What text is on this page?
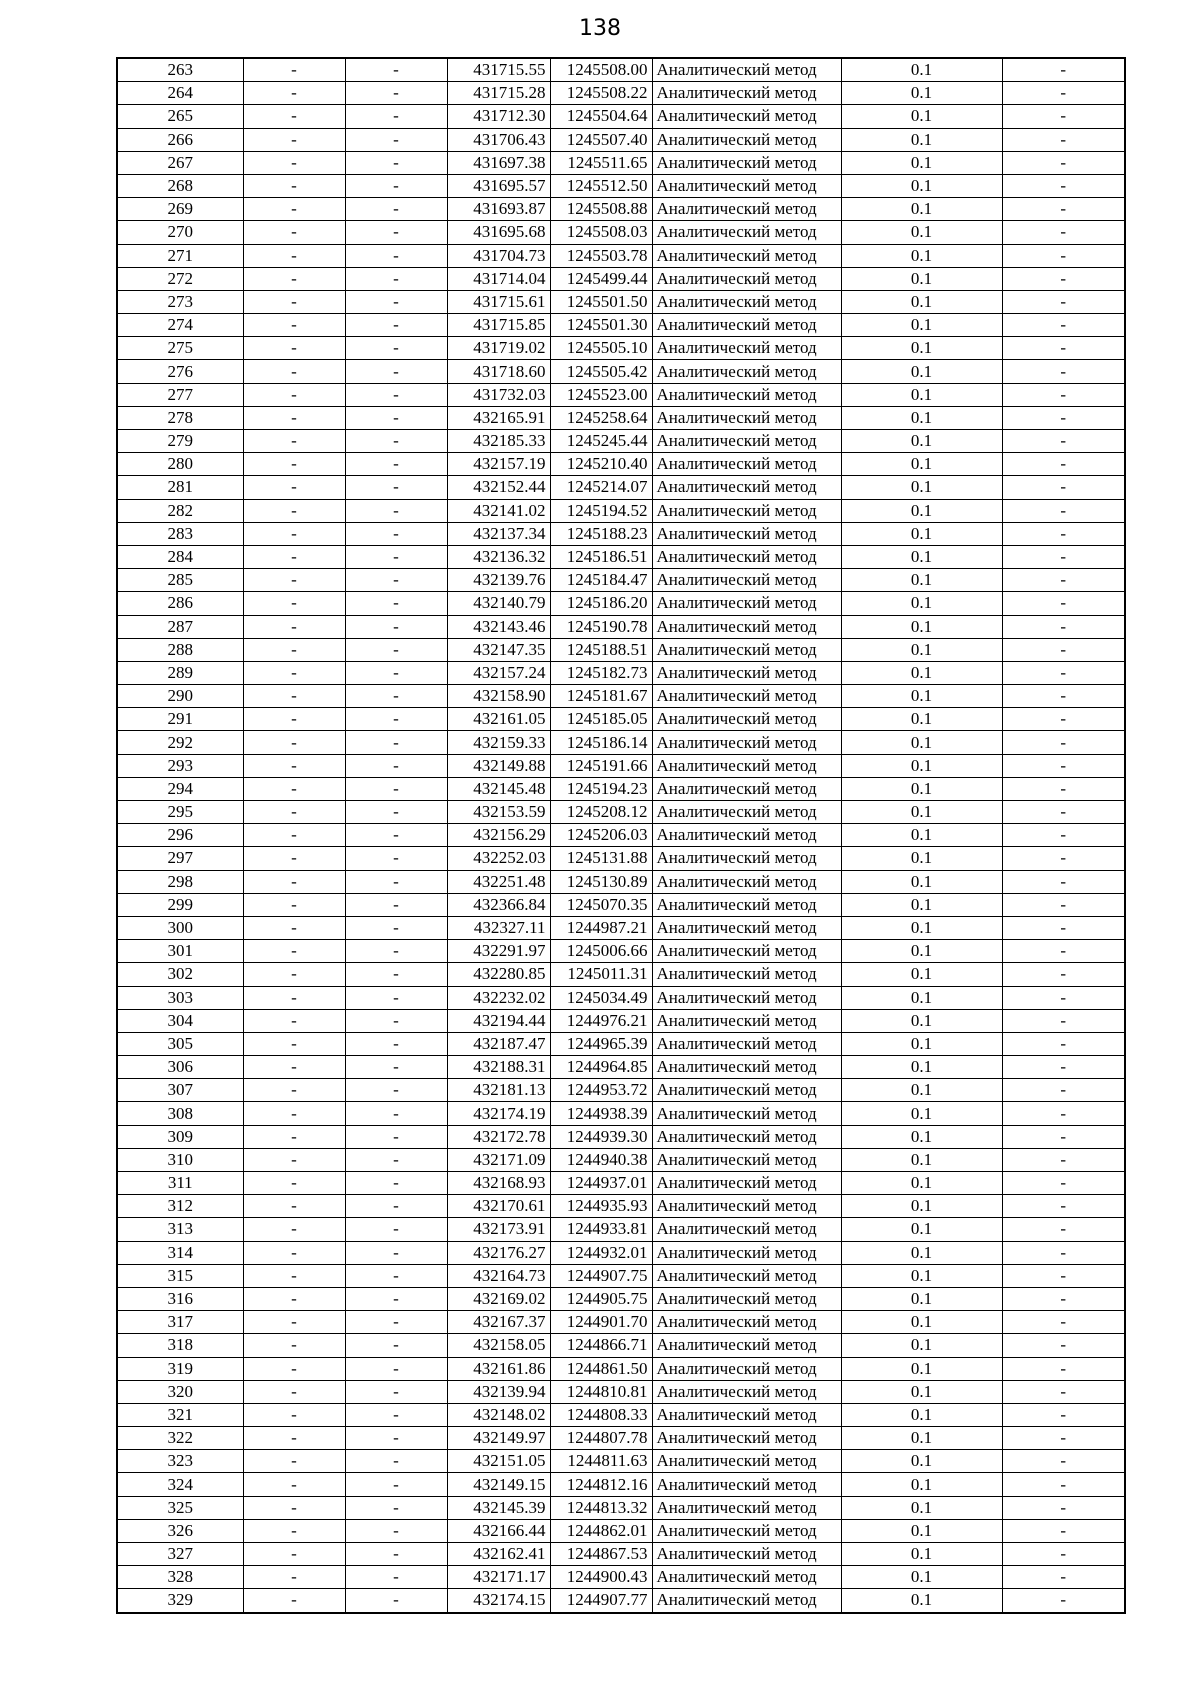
138
263	-	-	431715.55	1245508.00	Аналитический метод	0.1	-
264	-	-	431715.28	1245508.22	Аналитический метод	0.1	-
265	-	-	431712.30	1245504.64	Аналитический метод	0.1	-
266	-	-	431706.43	1245507.40	Аналитический метод	0.1	-
267	-	-	431697.38	1245511.65	Аналитический метод	0.1	-
268	-	-	431695.57	1245512.50	Аналитический метод	0.1	-
269	-	-	431693.87	1245508.88	Аналитический метод	0.1	-
270	-	-	431695.68	1245508.03	Аналитический метод	0.1	-
271	-	-	431704.73	1245503.78	Аналитический метод	0.1	-
272	-	-	431714.04	1245499.44	Аналитический метод	0.1	-
273	-	-	431715.61	1245501.50	Аналитический метод	0.1	-
274	-	-	431715.85	1245501.30	Аналитический метод	0.1	-
275	-	-	431719.02	1245505.10	Аналитический метод	0.1	-
276	-	-	431718.60	1245505.42	Аналитический метод	0.1	-
277	-	-	431732.03	1245523.00	Аналитический метод	0.1	-
278	-	-	432165.91	1245258.64	Аналитический метод	0.1	-
279	-	-	432185.33	1245245.44	Аналитический метод	0.1	-
280	-	-	432157.19	1245210.40	Аналитический метод	0.1	-
281	-	-	432152.44	1245214.07	Аналитический метод	0.1	-
282	-	-	432141.02	1245194.52	Аналитический метод	0.1	-
283	-	-	432137.34	1245188.23	Аналитический метод	0.1	-
284	-	-	432136.32	1245186.51	Аналитический метод	0.1	-
285	-	-	432139.76	1245184.47	Аналитический метод	0.1	-
286	-	-	432140.79	1245186.20	Аналитический метод	0.1	-
287	-	-	432143.46	1245190.78	Аналитический метод	0.1	-
288	-	-	432147.35	1245188.51	Аналитический метод	0.1	-
289	-	-	432157.24	1245182.73	Аналитический метод	0.1	-
290	-	-	432158.90	1245181.67	Аналитический метод	0.1	-
291	-	-	432161.05	1245185.05	Аналитический метод	0.1	-
292	-	-	432159.33	1245186.14	Аналитический метод	0.1	-
293	-	-	432149.88	1245191.66	Аналитический метод	0.1	-
294	-	-	432145.48	1245194.23	Аналитический метод	0.1	-
295	-	-	432153.59	1245208.12	Аналитический метод	0.1	-
296	-	-	432156.29	1245206.03	Аналитический метод	0.1	-
297	-	-	432252.03	1245131.88	Аналитический метод	0.1	-
298	-	-	432251.48	1245130.89	Аналитический метод	0.1	-
299	-	-	432366.84	1245070.35	Аналитический метод	0.1	-
300	-	-	432327.11	1244987.21	Аналитический метод	0.1	-
301	-	-	432291.97	1245006.66	Аналитический метод	0.1	-
302	-	-	432280.85	1245011.31	Аналитический метод	0.1	-
303	-	-	432232.02	1245034.49	Аналитический метод	0.1	-
304	-	-	432194.44	1244976.21	Аналитический метод	0.1	-
305	-	-	432187.47	1244965.39	Аналитический метод	0.1	-
306	-	-	432188.31	1244964.85	Аналитический метод	0.1	-
307	-	-	432181.13	1244953.72	Аналитический метод	0.1	-
308	-	-	432174.19	1244938.39	Аналитический метод	0.1	-
309	-	-	432172.78	1244939.30	Аналитический метод	0.1	-
310	-	-	432171.09	1244940.38	Аналитический метод	0.1	-
311	-	-	432168.93	1244937.01	Аналитический метод	0.1	-
312	-	-	432170.61	1244935.93	Аналитический метод	0.1	-
313	-	-	432173.91	1244933.81	Аналитический метод	0.1	-
314	-	-	432176.27	1244932.01	Аналитический метод	0.1	-
315	-	-	432164.73	1244907.75	Аналитический метод	0.1	-
316	-	-	432169.02	1244905.75	Аналитический метод	0.1	-
317	-	-	432167.37	1244901.70	Аналитический метод	0.1	-
318	-	-	432158.05	1244866.71	Аналитический метод	0.1	-
319	-	-	432161.86	1244861.50	Аналитический метод	0.1	-
320	-	-	432139.94	1244810.81	Аналитический метод	0.1	-
321	-	-	432148.02	1244808.33	Аналитический метод	0.1	-
322	-	-	432149.97	1244807.78	Аналитический метод	0.1	-
323	-	-	432151.05	1244811.63	Аналитический метод	0.1	-
324	-	-	432149.15	1244812.16	Аналитический метод	0.1	-
325	-	-	432145.39	1244813.32	Аналитический метод	0.1	-
326	-	-	432166.44	1244862.01	Аналитический метод	0.1	-
327	-	-	432162.41	1244867.53	Аналитический метод	0.1	-
328	-	-	432171.17	1244900.43	Аналитический метод	0.1	-
329	-	-	432174.15	1244907.77	Аналитический метод	0.1	-
